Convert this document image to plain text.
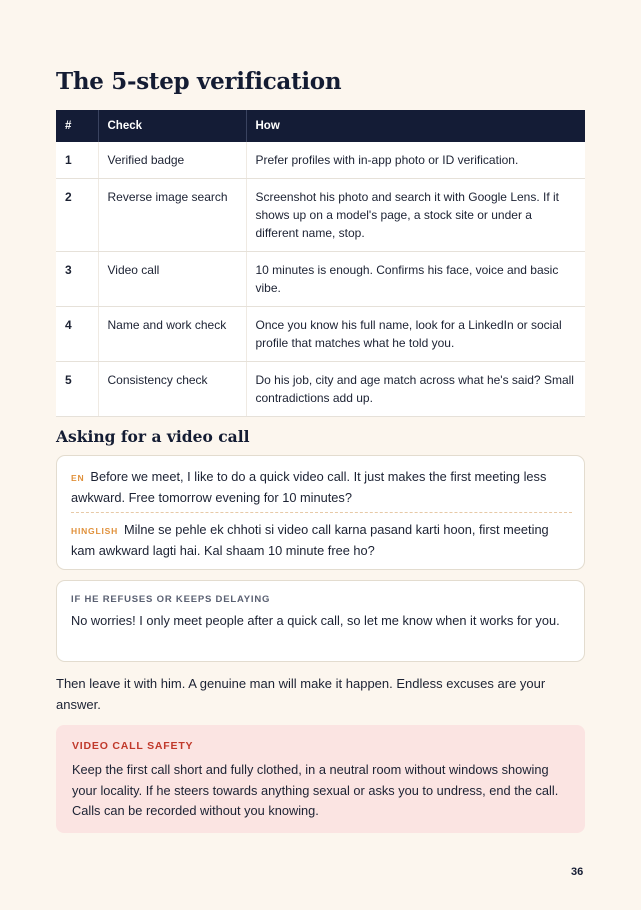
The 5-step verification
#	Check	How
1	Verified badge	Prefer profiles with in-app photo or ID verification.
2	Reverse image search	Screenshot his photo and search it with Google Lens. If it shows up on a model's page, a stock site or under a different name, stop.
3	Video call	10 minutes is enough. Confirms his face, voice and basic vibe.
4	Name and work check	Once you know his full name, look for a LinkedIn or social profile that matches what he told you.
5	Consistency check	Do his job, city and age match across what he's said? Small contradictions add up.
Asking for a video call
EN Before we meet, I like to do a quick video call. It just makes the first meeting less awkward. Free tomorrow evening for 10 minutes?
HINGLISH Milne se pehle ek chhoti si video call karna pasand karti hoon, first meeting kam awkward lagti hai. Kal shaam 10 minute free ho?
IF HE REFUSES OR KEEPS DELAYING
No worries! I only meet people after a quick call, so let me know when it works for you.

Then leave it with him. A genuine man will make it happen. Endless excuses are your answer.

VIDEO CALL SAFETY
Keep the first call short and fully clothed, in a neutral room without windows showing your locality. If he steers towards anything sexual or asks you to undress, end the call. Calls can be recorded without you knowing.
36
